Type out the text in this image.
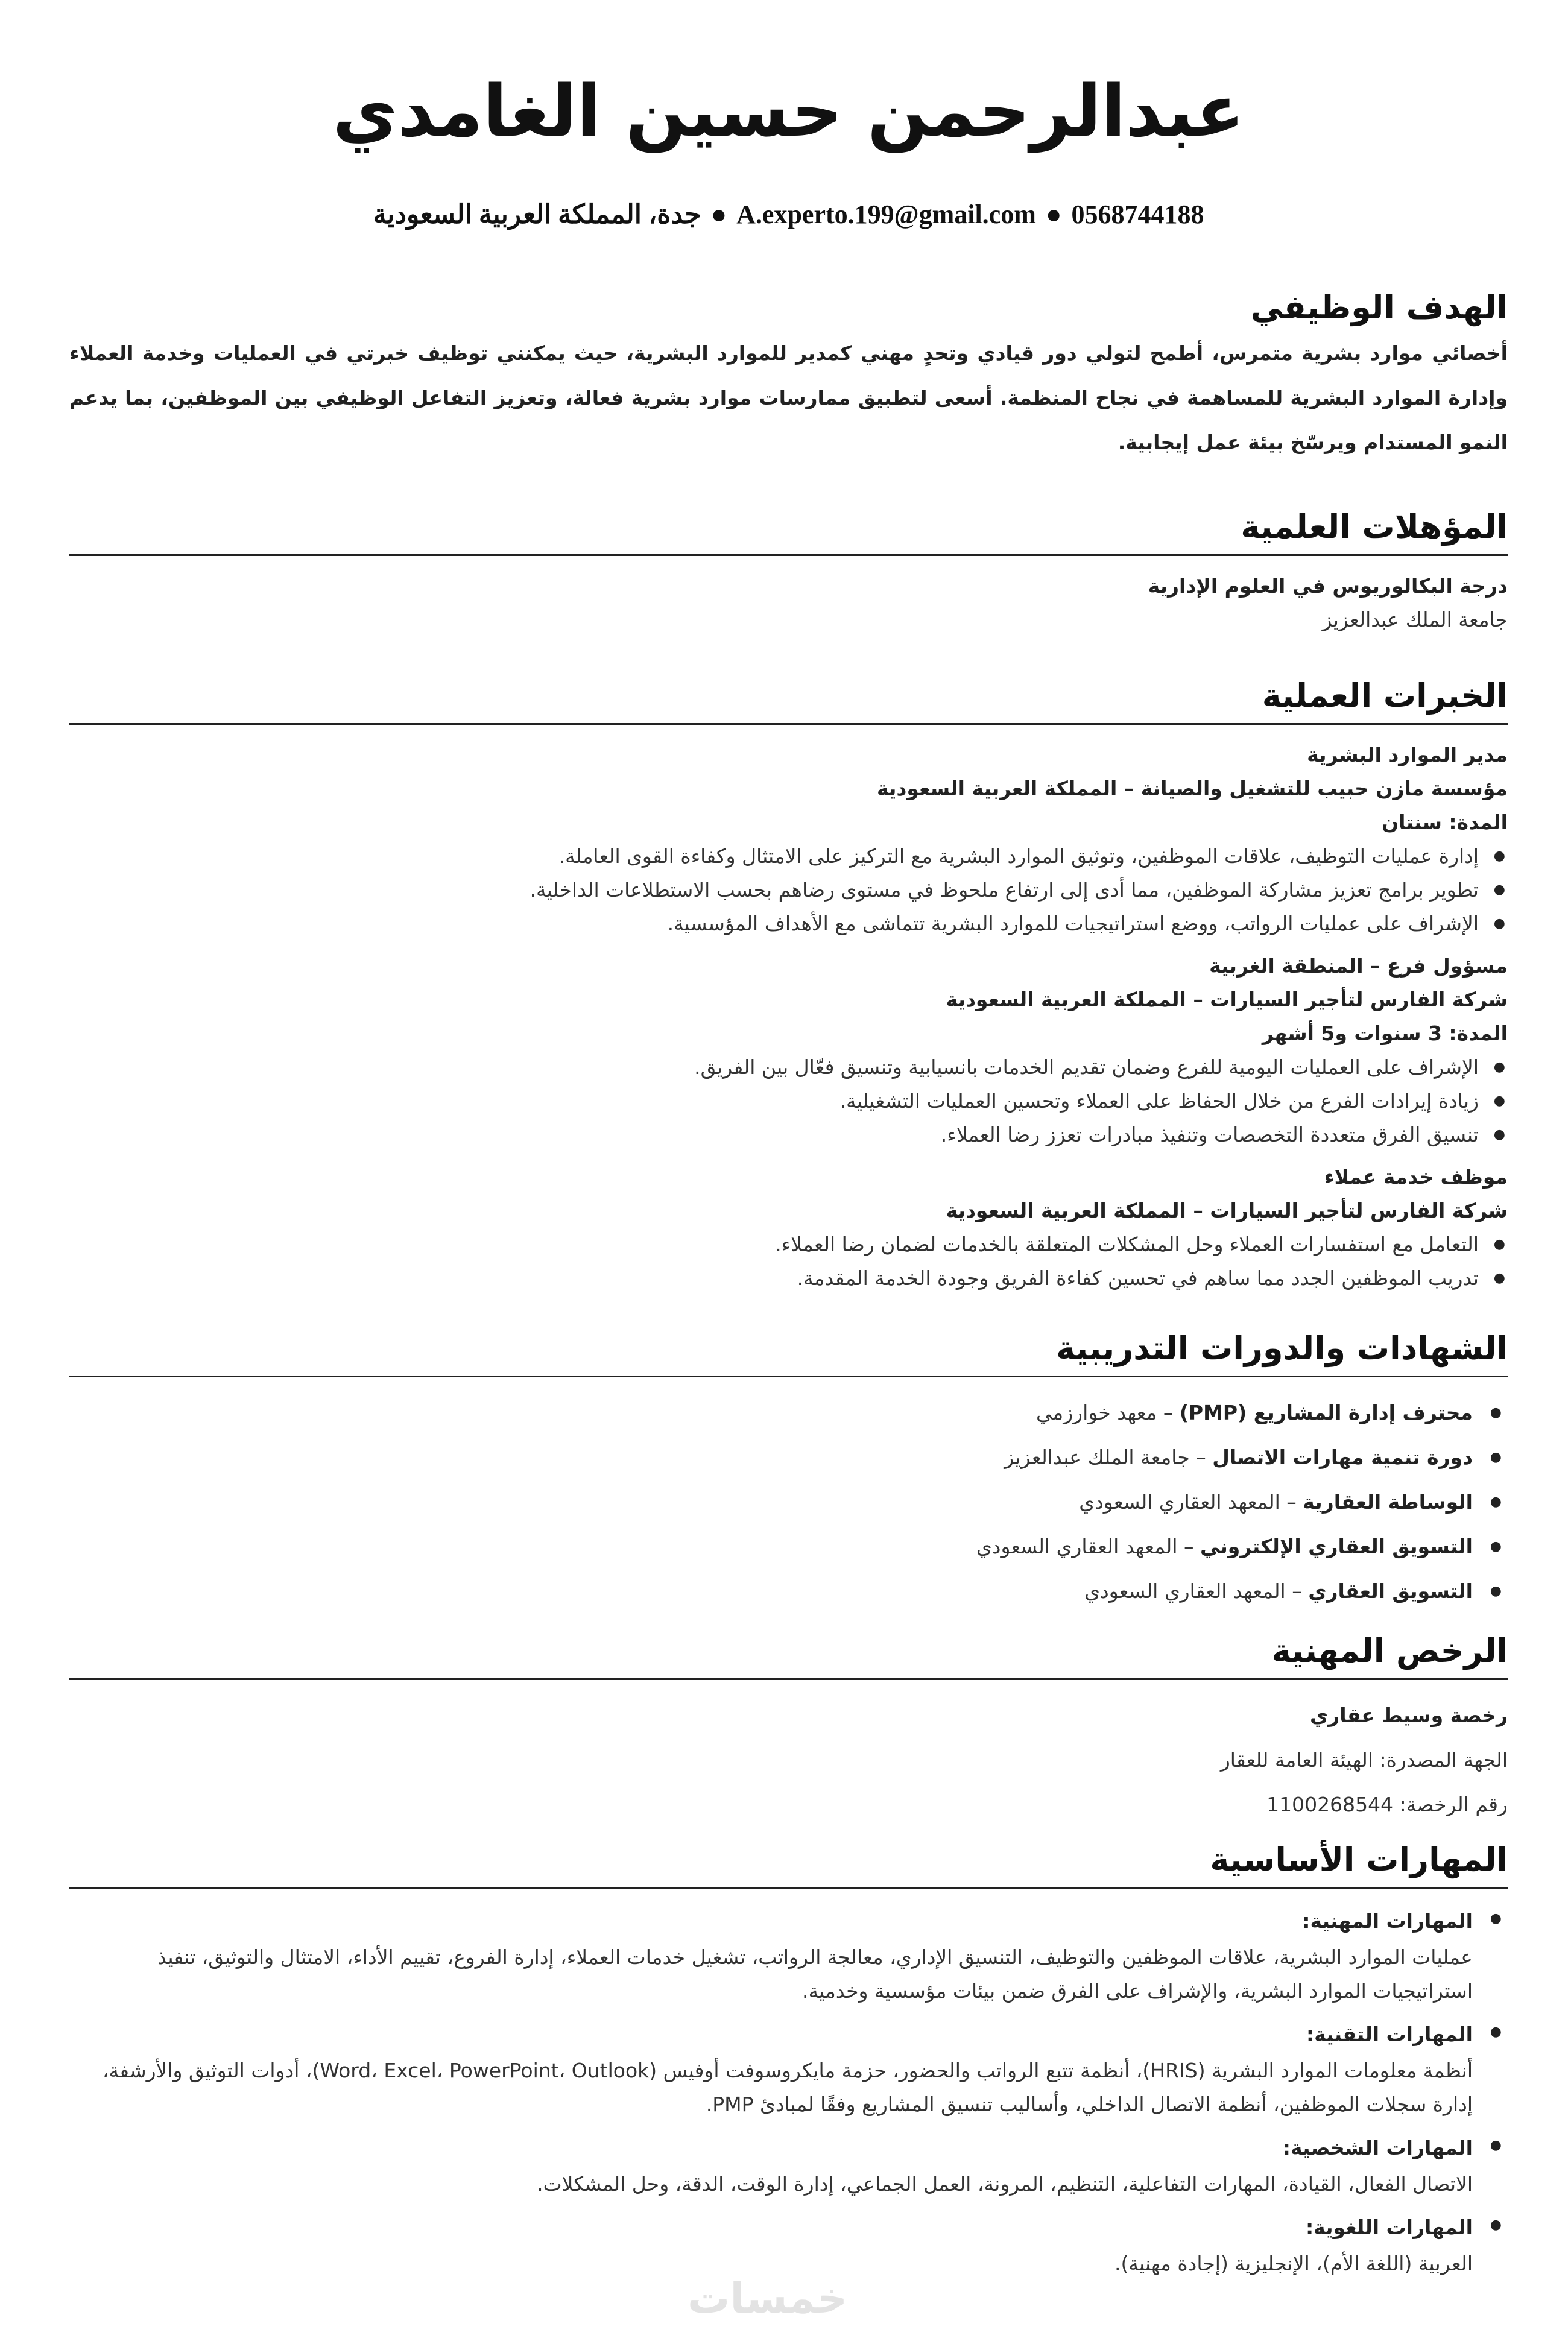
عبدالرحمن حسين الغامدي
0568744188●A.experto.199@gmail.com●جدة، المملكة العربية السعودية
الهدف الوظيفي
أخصائي موارد بشرية متمرس، أطمح لتولي دور قيادي وتحدٍ مهني كمدير للموارد البشرية، حيث يمكنني توظيف خبرتي في العمليات وخدمة العملاء وإدارة الموارد البشرية للمساهمة في نجاح المنظمة. أسعى لتطبيق ممارسات موارد بشرية فعالة، وتعزيز التفاعل الوظيفي بين الموظفين، بما يدعم النمو المستدام ويرسّخ بيئة عمل إيجابية.
المؤهلات العلمية
درجة البكالوريوس في العلوم الإدارية
جامعة الملك عبدالعزيز
الخبرات العملية
مدير الموارد البشرية
مؤسسة مازن حبيب للتشغيل والصيانة – المملكة العربية السعودية
المدة: سنتان
● إدارة عمليات التوظيف، علاقات الموظفين، وتوثيق الموارد البشرية مع التركيز على الامتثال وكفاءة القوى العاملة.
● تطوير برامج تعزيز مشاركة الموظفين، مما أدى إلى ارتفاع ملحوظ في مستوى رضاهم بحسب الاستطلاعات الداخلية.
● الإشراف على عمليات الرواتب، ووضع استراتيجيات للموارد البشرية تتماشى مع الأهداف المؤسسية.
مسؤول فرع – المنطقة الغربية
شركة الفارس لتأجير السيارات – المملكة العربية السعودية
المدة: 3 سنوات و5 أشهر
● الإشراف على العمليات اليومية للفرع وضمان تقديم الخدمات بانسيابية وتنسيق فعّال بين الفريق.
● زيادة إيرادات الفرع من خلال الحفاظ على العملاء وتحسين العمليات التشغيلية.
● تنسيق الفرق متعددة التخصصات وتنفيذ مبادرات تعزز رضا العملاء.
موظف خدمة عملاء
شركة الفارس لتأجير السيارات – المملكة العربية السعودية
● التعامل مع استفسارات العملاء وحل المشكلات المتعلقة بالخدمات لضمان رضا العملاء.
● تدريب الموظفين الجدد مما ساهم في تحسين كفاءة الفريق وجودة الخدمة المقدمة.
الشهادات والدورات التدريبية
● محترف إدارة المشاريع (PMP) – معهد خوارزمي
● دورة تنمية مهارات الاتصال – جامعة الملك عبدالعزيز
● الوساطة العقارية – المعهد العقاري السعودي
● التسويق العقاري الإلكتروني – المعهد العقاري السعودي
● التسويق العقاري – المعهد العقاري السعودي
الرخص المهنية
رخصة وسيط عقاري
الجهة المصدرة: الهيئة العامة للعقار
رقم الرخصة: 1100268544
المهارات الأساسية
● المهارات المهنية:
عمليات الموارد البشرية، علاقات الموظفين والتوظيف، التنسيق الإداري، معالجة الرواتب، تشغيل خدمات العملاء، إدارة الفروع، تقييم الأداء، الامتثال والتوثيق، تنفيذ استراتيجيات الموارد البشرية، والإشراف على الفرق ضمن بيئات مؤسسية وخدمية.
● المهارات التقنية:
أنظمة معلومات الموارد البشرية (HRIS)، أنظمة تتبع الرواتب والحضور، حزمة مايكروسوفت أوفيس (Word، Excel، PowerPoint، Outlook)، أدوات التوثيق والأرشفة، إدارة سجلات الموظفين، أنظمة الاتصال الداخلي، وأساليب تنسيق المشاريع وفقًا لمبادئ PMP.
● المهارات الشخصية:
الاتصال الفعال، القيادة، المهارات التفاعلية، التنظيم، المرونة، العمل الجماعي، إدارة الوقت، الدقة، وحل المشكلات.
● المهارات اللغوية:
العربية (اللغة الأم)، الإنجليزية (إجادة مهنية).
خمسات
